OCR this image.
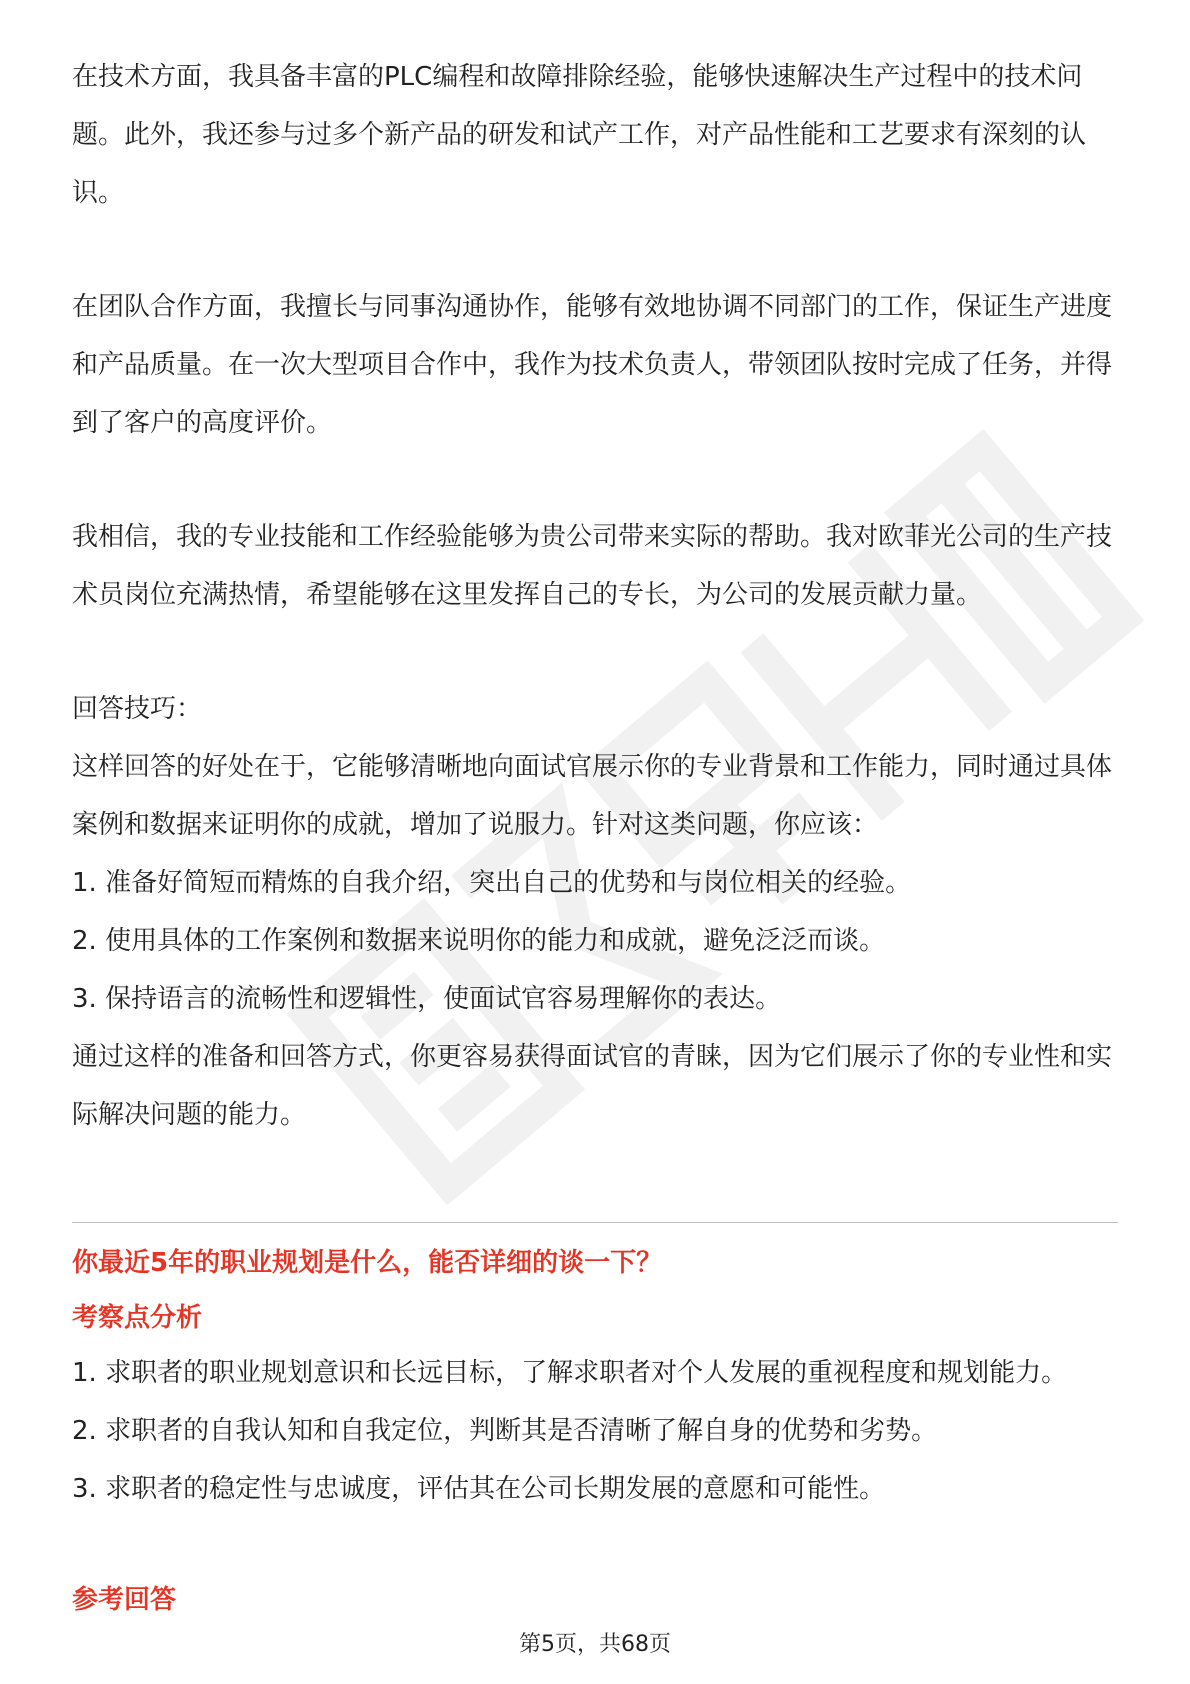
在技术方面，我具备丰富的PLC编程和故障排除经验，能够快速解决生产过程中的技术问题。此外，我还参与过多个新产品的研发和试产工作，对产品性能和工艺要求有深刻的认识。

在团队合作方面，我擅长与同事沟通协作，能够有效地协调不同部门的工作，保证生产进度和产品质量。在一次大型项目合作中，我作为技术负责人，带领团队按时完成了任务，并得到了客户的高度评价。

我相信，我的专业技能和工作经验能够为贵公司带来实际的帮助。我对欧菲光公司的生产技术员岗位充满热情，希望能够在这里发挥自己的专长，为公司的发展贡献力量。

回答技巧：

这样回答的好处在于，它能够清晰地向面试官展示你的专业背景和工作能力，同时通过具体案例和数据来证明你的成就，增加了说服力。针对这类问题，你应该：

1. 准备好简短而精炼的自我介绍，突出自己的优势和与岗位相关的经验。

2. 使用具体的工作案例和数据来说明你的能力和成就，避免泛泛而谈。

3. 保持语言的流畅性和逻辑性，使面试官容易理解你的表达。

通过这样的准备和回答方式，你更容易获得面试官的青睐，因为它们展示了你的专业性和实际解决问题的能力。

你最近5年的职业规划是什么，能否详细的谈一下？

考察点分析

1. 求职者的职业规划意识和长远目标，了解求职者对个人发展的重视程度和规划能力。

2. 求职者的自我认知和自我定位，判断其是否清晰了解自身的优势和劣势。

3. 求职者的稳定性与忠诚度，评估其在公司长期发展的意愿和可能性。

参考回答

第5页，共68页
